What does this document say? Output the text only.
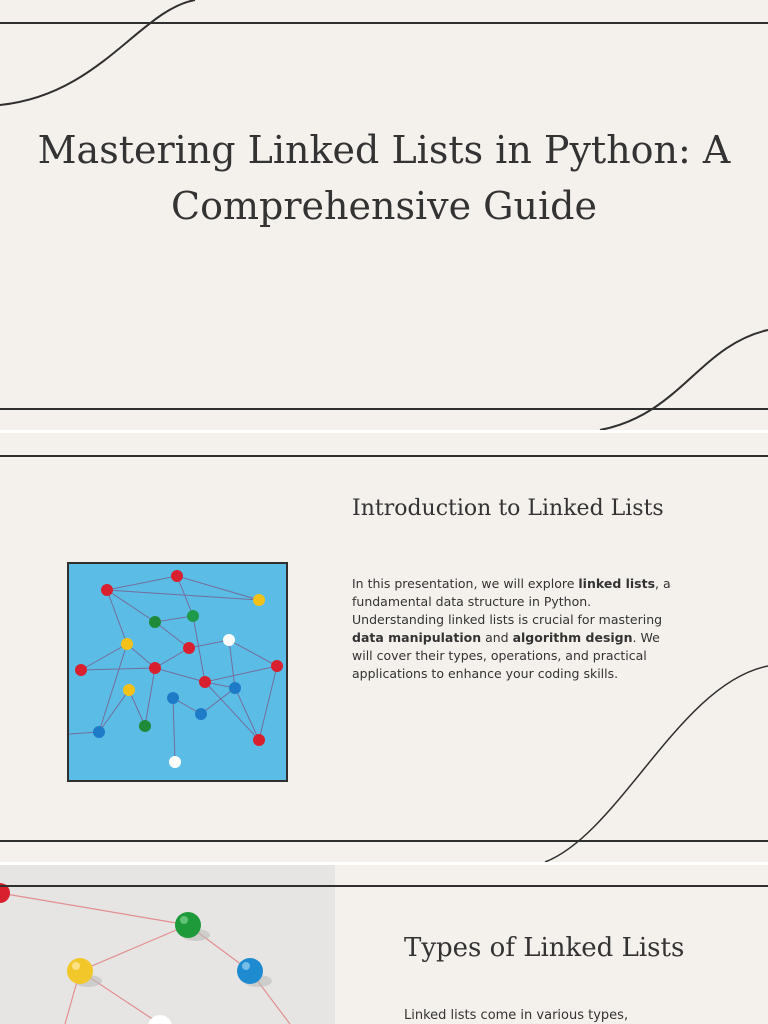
Mastering Linked Lists in Python: A Comprehensive Guide
Introduction to Linked Lists

In this presentation, we will explore linked lists, a fundamental data structure in Python. Understanding linked lists is crucial for mastering data manipulation and algorithm design. We will cover their types, operations, and practical applications to enhance your coding skills.

Types of Linked Lists

Linked lists come in various types,
